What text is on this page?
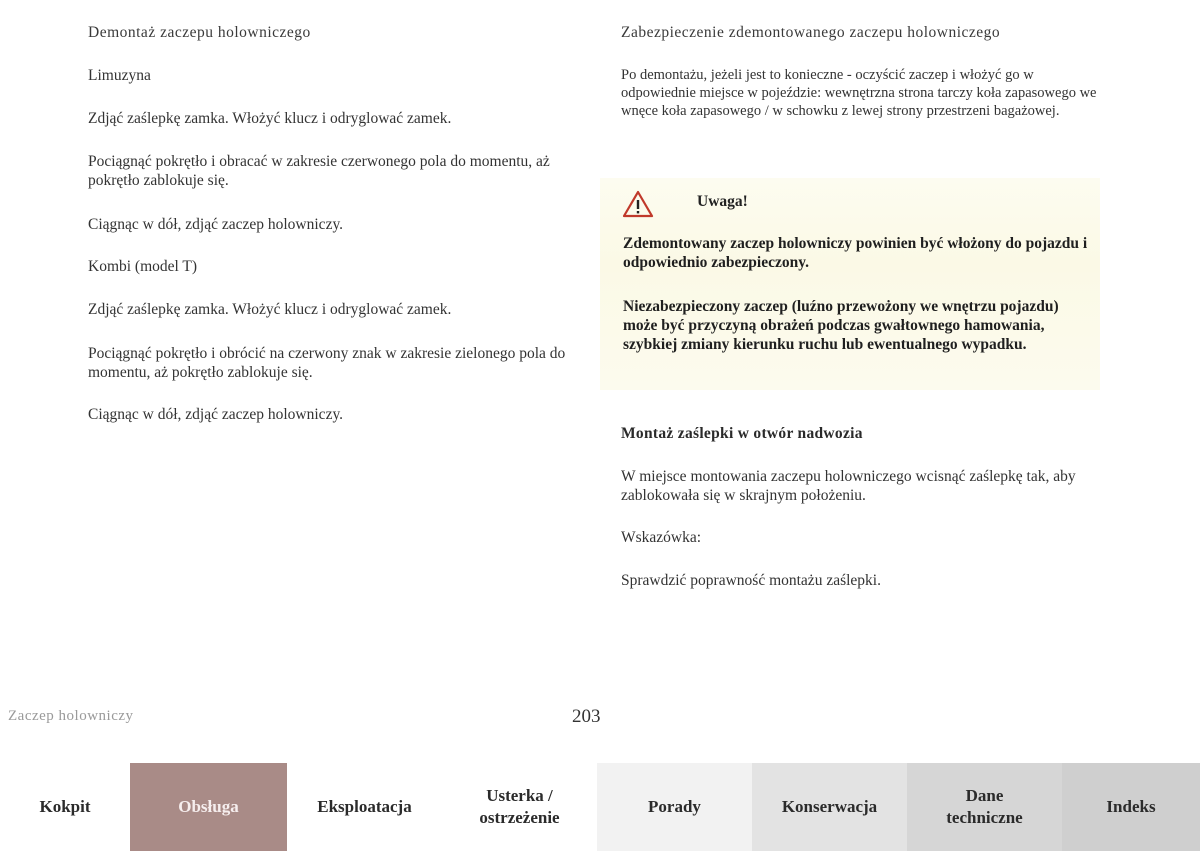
Demontaż zaczepu holowniczego

Limuzyna

Zdjąć zaślepkę zamka. Włożyć klucz i odryglować zamek.

Pociągnąć pokrętło i obracać w zakresie czerwonego pola do momentu, aż pokrętło zablokuje się.

Ciągnąc w dół, zdjąć zaczep holowniczy.

Kombi (model T)

Zdjąć zaślepkę zamka. Włożyć klucz i odryglować zamek.

Pociągnąć pokrętło i obrócić na czerwony znak w zakresie zielonego pola do momentu, aż pokrętło zablokuje się.

Ciągnąc w dół, zdjąć zaczep holowniczy.

Zabezpieczenie zdemontowanego zaczepu holowniczego

Po demontażu, jeżeli jest to konieczne - oczyścić zaczep i włożyć go w odpowiednie miejsce w pojeździe: wewnętrzna strona tarczy koła zapasowego we wnęce koła zapasowego / w schowku z lewej strony przestrzeni bagażowej.

Uwaga!

Zdemontowany zaczep holowniczy powinien być włożony do pojazdu i odpowiednio zabezpieczony.

Niezabezpieczony zaczep (luźno przewożony we wnętrzu pojazdu) może być przyczyną obrażeń podczas gwałtownego hamowania, szybkiej zmiany kierunku ruchu lub ewentualnego wypadku.

Montaż zaślepki w otwór nadwozia

W miejsce montowania zaczepu holowniczego wcisnąć zaślepkę tak, aby zablokowała się w skrajnym położeniu.

Wskazówka:

Sprawdzić poprawność montażu zaślepki.

Zaczep holowniczy	203
Kokpit	Obsługa	Eksploatacja
Usterka /
ostrzeżenie
Porady	Konserwacja
Dane
techniczne
Indeks
